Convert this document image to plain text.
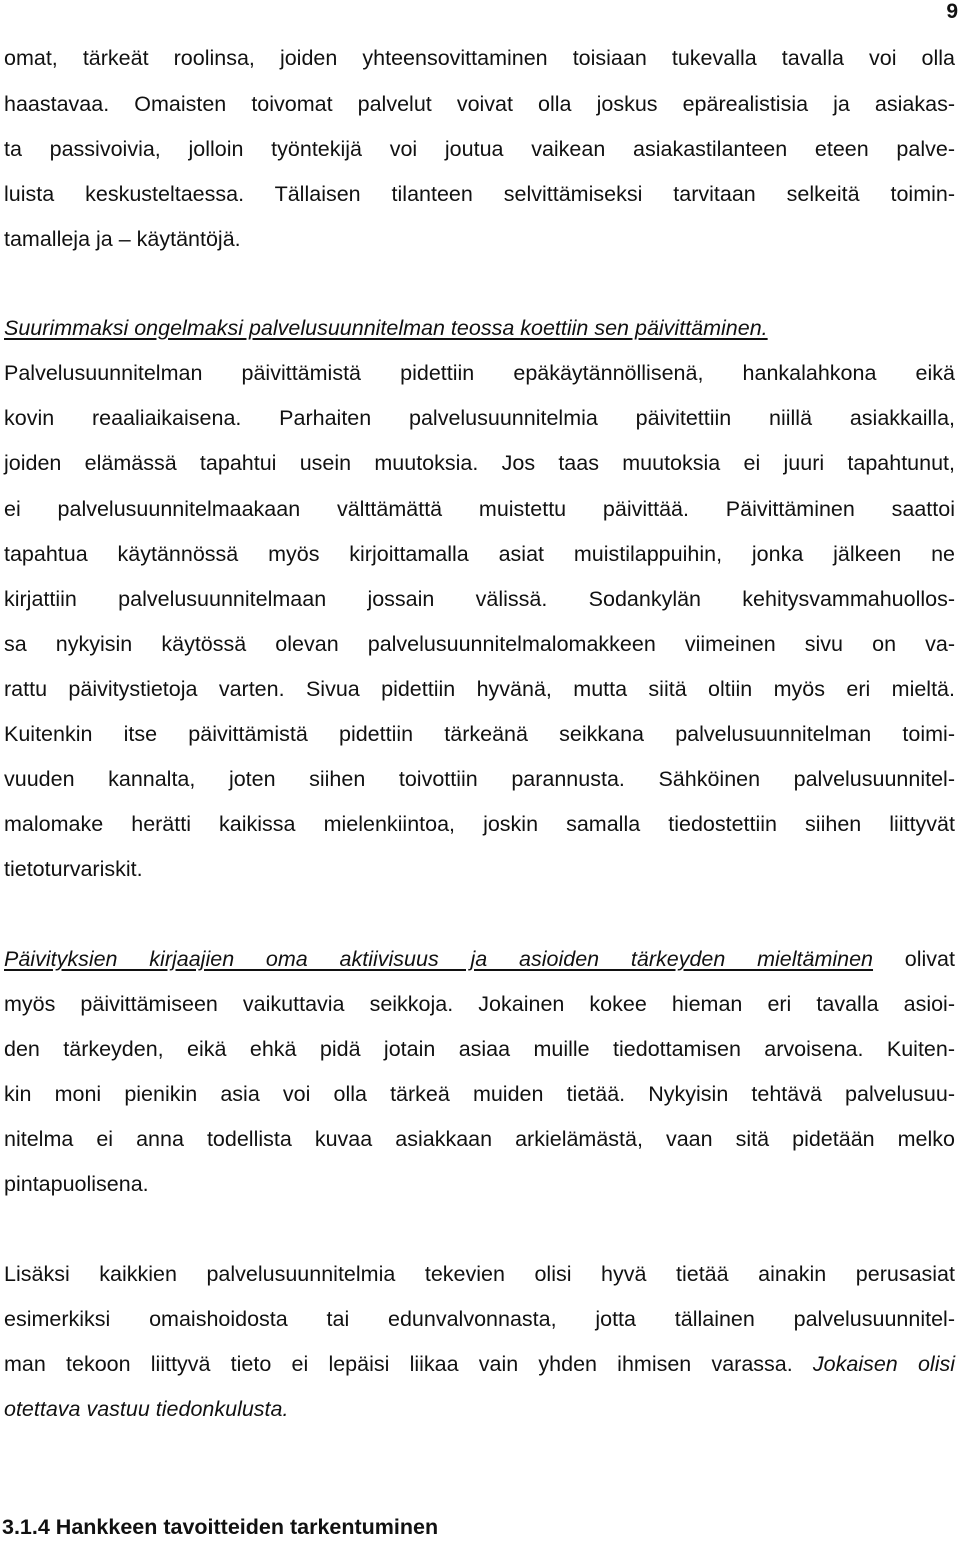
9
omat, tärkeät roolinsa, joiden yhteensovittaminen toisiaan tukevalla tavalla voi olla
haastavaa. Omaisten toivomat palvelut voivat olla joskus epärealistisia ja asiakas-
ta passivoivia, jolloin työntekijä voi joutua vaikean asiakastilanteen eteen palve-
luista keskusteltaessa. Tällaisen tilanteen selvittämiseksi tarvitaan selkeitä toimin-
tamalleja ja – käytäntöjä.
Suurimmaksi ongelmaksi palvelusuunnitelman teossa koettiin sen päivittäminen.
Palvelusuunnitelman päivittämistä pidettiin epäkäytännöllisenä, hankalahkona eikä
kovin reaaliaikaisena. Parhaiten palvelusuunnitelmia päivitettiin niillä asiakkailla,
joiden elämässä tapahtui usein muutoksia. Jos taas muutoksia ei juuri tapahtunut,
ei palvelusuunnitelmaakaan välttämättä muistettu päivittää. Päivittäminen saattoi
tapahtua käytännössä myös kirjoittamalla asiat muistilappuihin, jonka jälkeen ne
kirjattiin palvelusuunnitelmaan jossain välissä. Sodankylän kehitysvammahuollos-
sa nykyisin käytössä olevan palvelusuunnitelmalomakkeen viimeinen sivu on va-
rattu päivitystietoja varten. Sivua pidettiin hyvänä, mutta siitä oltiin myös eri mieltä.
Kuitenkin itse päivittämistä pidettiin tärkeänä seikkana palvelusuunnitelman toimi-
vuuden kannalta, joten siihen toivottiin parannusta. Sähköinen palvelusuunnitel-
malomake herätti kaikissa mielenkiintoa, joskin samalla tiedostettiin siihen liittyvät
tietoturvariskit.
Päivityksien kirjaajien oma aktiivisuus ja asioiden tärkeyden mieltäminen olivat
myös päivittämiseen vaikuttavia seikkoja. Jokainen kokee hieman eri tavalla asioi-
den tärkeyden, eikä ehkä pidä jotain asiaa muille tiedottamisen arvoisena. Kuiten-
kin moni pienikin asia voi olla tärkeä muiden tietää. Nykyisin tehtävä palvelusuu-
nitelma ei anna todellista kuvaa asiakkaan arkielämästä, vaan sitä pidetään melko
pintapuolisena.
Lisäksi kaikkien palvelusuunnitelmia tekevien olisi hyvä tietää ainakin perusasiat
esimerkiksi omaishoidosta tai edunvalvonnasta, jotta tällainen palvelusuunnitel-
man tekoon liittyvä tieto ei lepäisi liikaa vain yhden ihmisen varassa. Jokaisen olisi
otettava vastuu tiedonkulusta.
3.1.4 Hankkeen tavoitteiden tarkentuminen
